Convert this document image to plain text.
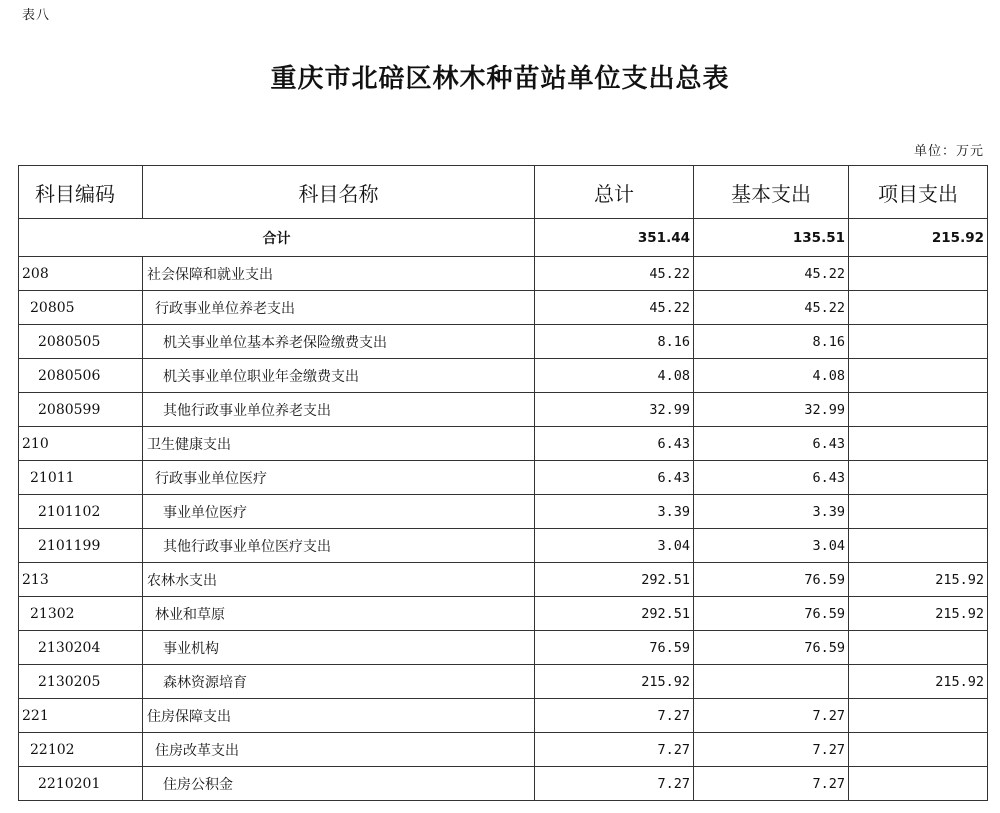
表八
重庆市北碚区林木种苗站单位支出总表
单位：万元
科目编码	科目名称	总计	基本支出	项目支出
合计		351.44	135.51	215.92
208	社会保障和就业支出	45.22	45.22	
20805	行政事业单位养老支出	45.22	45.22	
2080505	机关事业单位基本养老保险缴费支出	8.16	8.16	
2080506	机关事业单位职业年金缴费支出	4.08	4.08	
2080599	其他行政事业单位养老支出	32.99	32.99	
210	卫生健康支出	6.43	6.43	
21011	行政事业单位医疗	6.43	6.43	
2101102	事业单位医疗	3.39	3.39	
2101199	其他行政事业单位医疗支出	3.04	3.04	
213	农林水支出	292.51	76.59	215.92
21302	林业和草原	292.51	76.59	215.92
2130204	事业机构	76.59	76.59	
2130205	森林资源培育	215.92		215.92
221	住房保障支出	7.27	7.27	
22102	住房改革支出	7.27	7.27	
2210201	住房公积金	7.27	7.27	
